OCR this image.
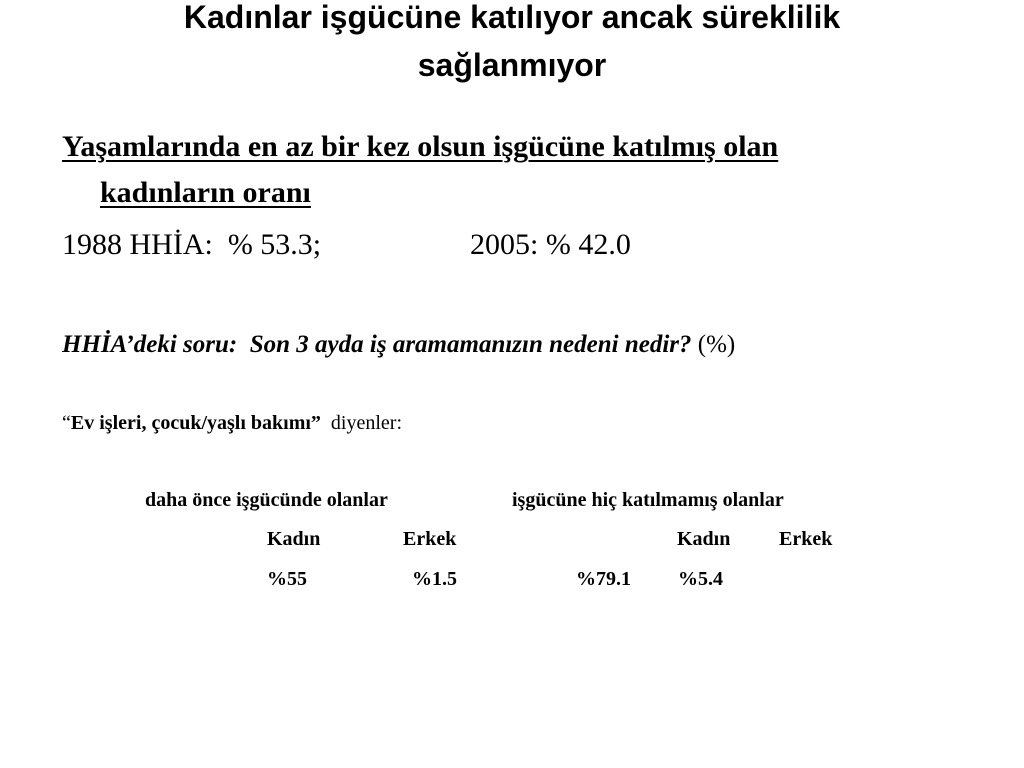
Kadınlar işgücüne katılıyor ancak süreklilik
sağlanmıyor
Yaşamlarında en az bir kez olsun işgücüne katılmış olan
kadınların oranı
1988 HHİA:  % 53.3;	2005: % 42.0
HHİA’deki soru:  Son 3 ayda iş aramamanızın nedeni nedir? (%)
“Ev işleri, çocuk/yaşlı bakımı” diyenler:
daha önce işgücünde olanlar	işgücüne hiç katılmamış olanlar
Kadın	Erkek	Kadın Erkek
%55	%1.5	%79.1 %5.4
